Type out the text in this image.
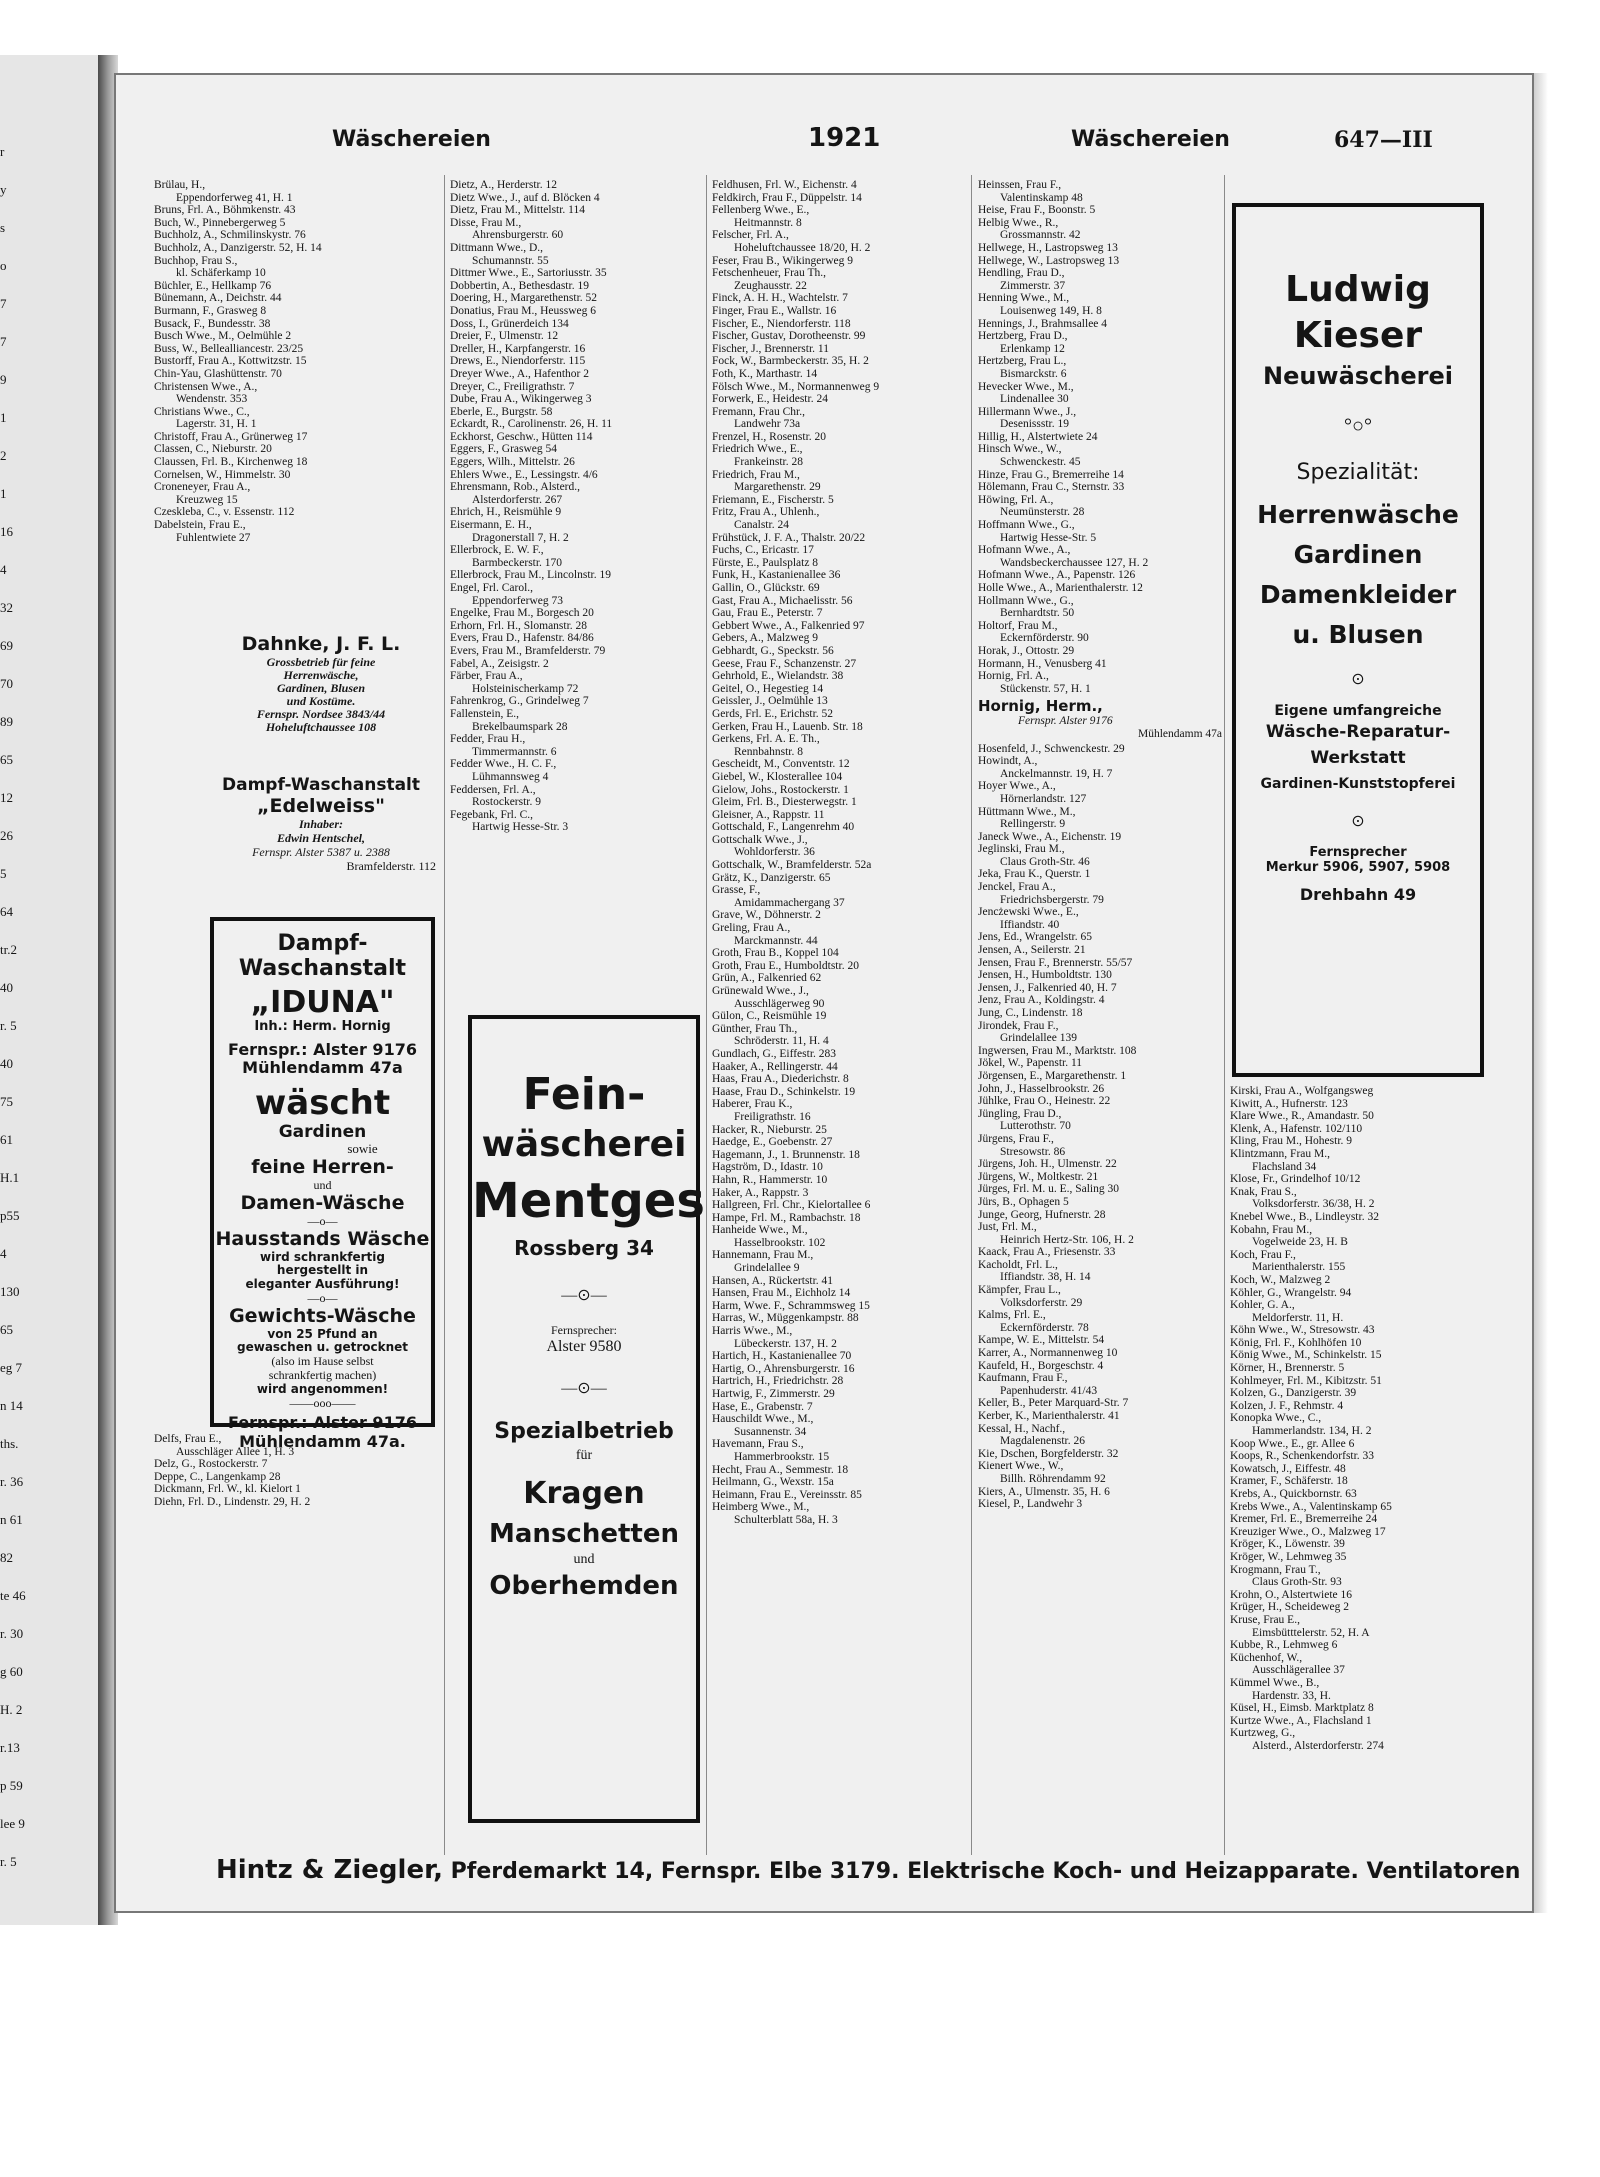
r
y
s
o
7
7
9
1
2
1
16
4
32
69
70
89
65
12
26
5
64
tr.2
40
r. 5
40
75
61
H.1
p55
4
130
65
eg 7
n 14
ths.
r. 36
n 61
82
te 46
r. 30
g 60
H. 2
r.13
p 59
lee 9
r. 5
Wäschereien	1921	Wäschereien	647—III
Brülau, H.,
Eppendorferweg 41, H. 1
Bruns, Frl. A., Böhmkenstr. 43
Buch, W., Pinnebergerweg 5
Buchholz, A., Schmilinskystr. 76
Buchholz, A., Danzigerstr. 52, H. 14
Buchhop, Frau S.,
kl. Schäferkamp 10
Büchler, E., Hellkamp 76
Bünemann, A., Deichstr. 44
Burmann, F., Grasweg 8
Busack, F., Bundesstr. 38
Busch Wwe., M., Oelmühle 2
Buss, W., Bellealliancestr. 23/25
Bustorff, Frau A., Kottwitzstr. 15
Chin-Yau, Glashüttenstr. 70
Christensen Wwe., A.,
Wendenstr. 353
Christians Wwe., C.,
Lagerstr. 31, H. 1
Christoff, Frau A., Grünerweg 17
Classen, C., Nieburstr. 20
Claussen, Frl. B., Kirchenweg 18
Cornelsen, W., Himmelstr. 30
Croneneyer, Frau A.,
Kreuzweg 15
Czeskleba, C., v. Essenstr. 112
Dabelstein, Frau E.,
Fuhlentwiete 27
Dahnke, J. F. L.
Grossbetrieb für feine
Herrenwäsche,
Gardinen, Blusen
und Kostüme.
Fernspr. Nordsee 3843/44
Hoheluftchaussee 108
Dampf-Waschanstalt
„Edelweiss"
Inhaber:
Edwin Hentschel,
Fernspr. Alster 5387 u. 2388
Bramfelderstr. 112
Dampf-
Waschanstalt
„IDUNA"
Inh.: Herm. Hornig
Fernspr.: Alster 9176
Mühlendamm 47a
wäscht Gardinen
sowie
feine Herren-
und
Damen-Wäsche
—o—
Hausstands Wäsche
wird schrankfertig
hergestellt in
eleganter Ausführung!
—o—
Gewichts-Wäsche
von 25 Pfund an
gewaschen u. getrocknet
(also im Hause selbst
schrankfertig machen)
wird angenommen!
——ooo——
Fernspr.: Alster 9176
Mühlendamm 47a.
Delfs, Frau E.,
Ausschläger Allee 1, H. 3
Delz, G., Rostockerstr. 7
Deppe, C., Langenkamp 28
Dickmann, Frl. W., kl. Kielort 1
Diehn, Frl. D., Lindenstr. 29, H. 2
Dietz, A., Herderstr. 12
Dietz Wwe., J., auf d. Blöcken 4
Dietz, Frau M., Mittelstr. 114
Disse, Frau M.,
Ahrensburgerstr. 60
Dittmann Wwe., D.,
Schumannstr. 55
Dittmer Wwe., E., Sartoriusstr. 35
Dobbertin, A., Bethesdastr. 19
Doering, H., Margarethenstr. 52
Donatius, Frau M., Heussweg 6
Doss, I., Grünerdeich 134
Dreier, F., Ulmenstr. 12
Dreller, H., Karpfangerstr. 16
Drews, E., Niendorferstr. 115
Dreyer Wwe., A., Hafenthor 2
Dreyer, C., Freiligrathstr. 7
Dube, Frau A., Wikingerweg 3
Eberle, E., Burgstr. 58
Eckardt, R., Carolinenstr. 26, H. 11
Eckhorst, Geschw., Hütten 114
Eggers, F., Grasweg 54
Eggers, Wilh., Mittelstr. 26
Ehlers Wwe., E., Lessingstr. 4/6
Ehrensmann, Rob., Alsterd.,
Alsterdorferstr. 267
Ehrich, H., Reismühle 9
Eisermann, E. H.,
Dragonerstall 7, H. 2
Ellerbrock, E. W. F.,
Barmbeckerstr. 170
Ellerbrock, Frau M., Lincolnstr. 19
Engel, Frl. Carol.,
Eppendorferweg 73
Engelke, Frau M., Borgesch 20
Erhorn, Frl. H., Slomanstr. 28
Evers, Frau D., Hafenstr. 84/86
Evers, Frau M., Bramfelderstr. 79
Fabel, A., Zeisigstr. 2
Färber, Frau A.,
Holsteinischerkamp 72
Fahrenkrog, G., Grindelweg 7
Fallenstein, E.,
Brekelbaumspark 28
Fedder, Frau H.,
Timmermannstr. 6
Fedder Wwe., H. C. F.,
Lühmannsweg 4
Feddersen, Frl. A.,
Rostockerstr. 9
Fegebank, Frl. C.,
Hartwig Hesse-Str. 3
Fein-
wäscherei
Mentges
Rossberg 34
—⊙—
Fernsprecher:
Alster 9580
—⊙—
Spezialbetrieb
für
Kragen
Manschetten
und
Oberhemden
Feldhusen, Frl. W., Eichenstr. 4
Feldkirch, Frau F., Düppelstr. 14
Fellenberg Wwe., E.,
Heitmannstr. 8
Felscher, Frl. A.,
Hoheluftchaussee 18/20, H. 2
Feser, Frau B., Wikingerweg 9
Fetschenheuer, Frau Th.,
Zeughausstr. 22
Finck, A. H. H., Wachtelstr. 7
Finger, Frau E., Wallstr. 16
Fischer, E., Niendorferstr. 118
Fischer, Gustav, Dorotheenstr. 99
Fischer, J., Brennerstr. 11
Fock, W., Barmbeckerstr. 35, H. 2
Foth, K., Marthastr. 14
Fölsch Wwe., M., Normannenweg 9
Forwerk, E., Heidestr. 24
Fremann, Frau Chr.,
Landwehr 73a
Frenzel, H., Rosenstr. 20
Friedrich Wwe., E.,
Frankeinstr. 28
Friedrich, Frau M.,
Margarethenstr. 29
Friemann, E., Fischerstr. 5
Fritz, Frau A., Uhlenh.,
Canalstr. 24
Frühstück, J. F. A., Thalstr. 20/22
Fuchs, C., Ericastr. 17
Fürste, E., Paulsplatz 8
Funk, H., Kastanienallee 36
Gallin, O., Glückstr. 69
Gast, Frau A., Michaelisstr. 56
Gau, Frau E., Peterstr. 7
Gebbert Wwe., A., Falkenried 97
Gebers, A., Malzweg 9
Gebhardt, G., Speckstr. 56
Geese, Frau F., Schanzenstr. 27
Gehrhold, E., Wielandstr. 38
Geitel, O., Hegestieg 14
Geissler, J., Oelmühle 13
Gerds, Frl. E., Erichstr. 52
Gerken, Frau H., Lauenb. Str. 18
Gerkens, Frl. A. E. Th.,
Rennbahnstr. 8
Gescheidt, M., Conventstr. 12
Giebel, W., Klosterallee 104
Gielow, Johs., Rostockerstr. 1
Gleim, Frl. B., Diesterwegstr. 1
Gleisner, A., Rappstr. 11
Gottschald, F., Langenrehm 40
Gottschalk Wwe., J.,
Wohldorferstr. 36
Gottschalk, W., Bramfelderstr. 52a
Grätz, K., Danzigerstr. 65
Grasse, F.,
Amidammachergang 37
Grave, W., Döhnerstr. 2
Greling, Frau A.,
Marckmannstr. 44
Groth, Frau B., Koppel 104
Groth, Frau E., Humboldtstr. 20
Grün, A., Falkenried 62
Grünewald Wwe., J.,
Ausschlägerweg 90
Gülon, C., Reismühle 19
Günther, Frau Th.,
Schröderstr. 11, H. 4
Gundlach, G., Eiffestr. 283
Haaker, A., Rellingerstr. 44
Haas, Frau A., Diederichstr. 8
Haase, Frau D., Schinkelstr. 19
Haberer, Frau K.,
Freiligrathstr. 16
Hacker, R., Nieburstr. 25
Haedge, E., Goebenstr. 27
Hagemann, J., 1. Brunnenstr. 18
Hagström, D., Idastr. 10
Hahn, R., Hammerstr. 10
Haker, A., Rappstr. 3
Hallgreen, Frl. Chr., Kielortallee 6
Hampe, Frl. M., Rambachstr. 18
Hanheide Wwe., M.,
Hasselbrookstr. 102
Hannemann, Frau M.,
Grindelallee 9
Hansen, A., Rückertstr. 41
Hansen, Frau M., Eichholz 14
Harm, Wwe. F., Schrammsweg 15
Harras, W., Müggenkampstr. 88
Harris Wwe., M.,
Lübeckerstr. 137, H. 2
Hartich, H., Kastanienallee 70
Hartig, O., Ahrensburgerstr. 16
Hartrich, H., Friedrichstr. 28
Hartwig, F., Zimmerstr. 29
Hase, E., Grabenstr. 7
Hauschildt Wwe., M.,
Susannenstr. 34
Havemann, Frau S.,
Hammerbrookstr. 15
Hecht, Frau A., Semmestr. 18
Heilmann, G., Wexstr. 15a
Heimann, Frau E., Vereinsstr. 85
Heimberg Wwe., M.,
Schulterblatt 58a, H. 3
Heinssen, Frau F.,
Valentinskamp 48
Heise, Frau F., Boonstr. 5
Helbig Wwe., R.,
Grossmannstr. 42
Hellwege, H., Lastropsweg 13
Hellwege, W., Lastropsweg 13
Hendling, Frau D.,
Zimmerstr. 37
Henning Wwe., M.,
Louisenweg 149, H. 8
Hennings, J., Brahmsallee 4
Hertzberg, Frau D.,
Erlenkamp 12
Hertzberg, Frau L.,
Bismarckstr. 6
Hevecker Wwe., M.,
Lindenallee 30
Hillermann Wwe., J.,
Desenissstr. 19
Hillig, H., Alstertwiete 24
Hinsch Wwe., W.,
Schwenckestr. 45
Hinze, Frau G., Bremerreihe 14
Hölemann, Frau C., Sternstr. 33
Höwing, Frl. A.,
Neumünsterstr. 28
Hoffmann Wwe., G.,
Hartwig Hesse-Str. 5
Hofmann Wwe., A.,
Wandsbeckerchaussee 127, H. 2
Hofmann Wwe., A., Papenstr. 126
Holle Wwe., A., Marienthalerstr. 12
Hollmann Wwe., G.,
Bernhardtstr. 50
Holtorf, Frau M.,
Eckernförderstr. 90
Horak, J., Ottostr. 29
Hormann, H., Venusberg 41
Hornig, Frl. A.,
Stückenstr. 57, H. 1
Hornig, Herm.,
Fernspr. Alster 9176
Mühlendamm 47a
Hosenfeld, J., Schwenckestr. 29
Howindt, A.,
Anckelmannstr. 19, H. 7
Hoyer Wwe., A.,
Hörnerlandstr. 127
Hüttmann Wwe., M.,
Rellingerstr. 9
Janeck Wwe., A., Eichenstr. 19
Jeglinski, Frau M.,
Claus Groth-Str. 46
Jeka, Frau K., Querstr. 1
Jenckel, Frau A.,
Friedrichsbergerstr. 79
Jencżewski Wwe., E.,
Iffiandstr. 40
Jens, Ed., Wrangelstr. 65
Jensen, A., Seilerstr. 21
Jensen, Frau F., Brennerstr. 55/57
Jensen, H., Humboldtstr. 130
Jensen, J., Falkenried 40, H. 7
Jenz, Frau A., Koldingstr. 4
Jung, C., Lindenstr. 18
Jirondek, Frau F.,
Grindelallee 139
Ingwersen, Frau M., Marktstr. 108
Jökel, W., Papenstr. 11
Jörgensen, E., Margarethenstr. 1
John, J., Hasselbrookstr. 26
Jühlke, Frau O., Heinestr. 22
Jüngling, Frau D.,
Lutterothstr. 70
Jürgens, Frau F.,
Stresowstr. 86
Jürgens, Joh. H., Ulmenstr. 22
Jürgens, W., Moltkestr. 21
Jürges, Frl. M. u. E., Saling 30
Jürs, B., Ophagen 5
Junge, Georg, Hufnerstr. 28
Just, Frl. M.,
Heinrich Hertz-Str. 106, H. 2
Kaack, Frau A., Friesenstr. 33
Kacholdt, Frl. L.,
Iffiandstr. 38, H. 14
Kämpfer, Frau L.,
Volksdorferstr. 29
Kalms, Frl. E.,
Eckernförderstr. 78
Kampe, W. E., Mittelstr. 54
Karrer, A., Normannenweg 10
Kaufeld, H., Borgeschstr. 4
Kaufmann, Frau F.,
Papenhuderstr. 41/43
Keller, B., Peter Marquard-Str. 7
Kerber, K., Marienthalerstr. 41
Kessal, H., Nachf.,
Magdalenenstr. 26
Kie, Dschen, Borgfelderstr. 32
Kienert Wwe., W.,
Billh. Röhrendamm 92
Kiers, A., Ulmenstr. 35, H. 6
Kiesel, P., Landwehr 3
Ludwig Kieser
Neuwäscherei
°○°
Spezialität:
Herrenwäsche
Gardinen
Damenkleider
u. Blusen
⊙
Eigene umfangreiche
Wäsche-Reparatur-
Werkstatt
Gardinen-Kunststopferei
⊙
Fernsprecher
Merkur 5906, 5907, 5908
Drehbahn 49
Kirski, Frau A., Wolfgangsweg
Kiwitt, A., Hufnerstr. 123
Klare Wwe., R., Amandastr. 50
Klenk, A., Hafenstr. 102/110
Kling, Frau M., Hohestr. 9
Klintzmann, Frau M.,
Flachsland 34
Klose, Fr., Grindelhof 10/12
Knak, Frau S.,
Volksdorferstr. 36/38, H. 2
Knebel Wwe., B., Lindleystr. 32
Kobahn, Frau M.,
Vogelweide 23, H. B
Koch, Frau F.,
Marienthalerstr. 155
Koch, W., Malzweg 2
Köhler, G., Wrangelstr. 94
Kohler, G. A.,
Meldorferstr. 11, H.
Köhn Wwe., W., Stresowstr. 43
König, Frl. F., Kohlhöfen 10
König Wwe., M., Schinkelstr. 15
Körner, H., Brennerstr. 5
Kohlmeyer, Frl. M., Kibitzstr. 51
Kolzen, G., Danzigerstr. 39
Kolzen, J. F., Rehmstr. 4
Konopka Wwe., C.,
Hammerlandstr. 134, H. 2
Koop Wwe., E., gr. Allee 6
Koops, R., Schenkendorfstr. 33
Kowatsch, J., Eiffestr. 48
Kramer, F., Schäferstr. 18
Krebs, A., Quickbornstr. 63
Krebs Wwe., A., Valentinskamp 65
Kremer, Frl. E., Bremerreihe 24
Kreuziger Wwe., O., Malzweg 17
Kröger, K., Löwenstr. 39
Kröger, W., Lehmweg 35
Krogmann, Frau T.,
Claus Groth-Str. 93
Krohn, O., Alstertwiete 16
Krüger, H., Scheideweg 2
Kruse, Frau E.,
Eimsbütttelerstr. 52, H. A
Kubbe, R., Lehmweg 6
Küchenhof, W.,
Ausschlägerallee 37
Kümmel Wwe., B.,
Hardenstr. 33, H.
Küsel, H., Eimsb. Marktplatz 8
Kurtze Wwe., A., Flachsland 1
Kurtzweg, G.,
Alsterd., Alsterdorferstr. 274
Hintz & Ziegler, Pferdemarkt 14, Fernspr. Elbe 3179. Elektrische Koch- und Heizapparate. Ventilatoren
